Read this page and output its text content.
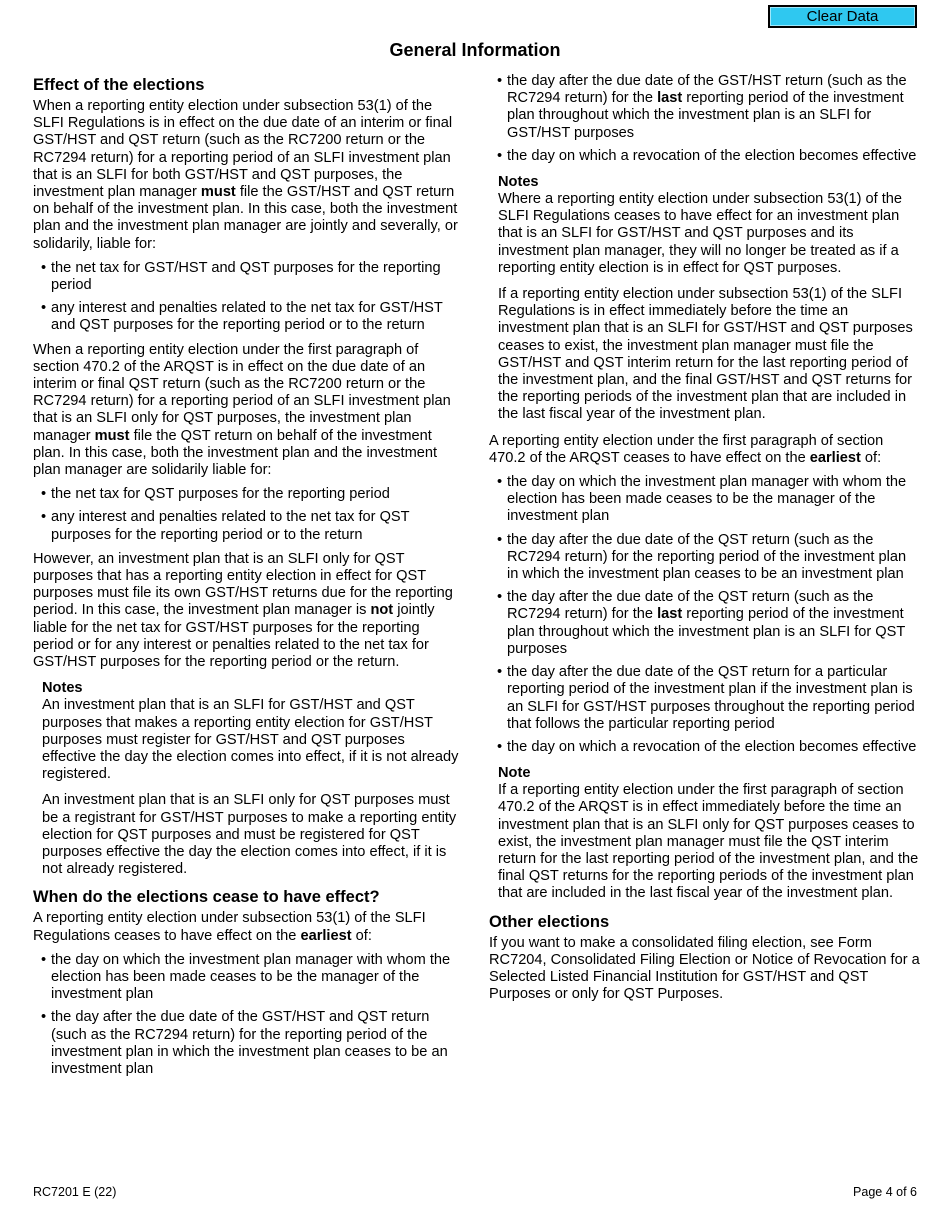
Clear Data
General Information
Effect of the elections

When a reporting entity election under subsection 53(1) of the SLFI Regulations is in effect on the due date of an interim or final GST/HST and QST return (such as the RC7200 return or the RC7294 return) for a reporting period of an SLFI investment plan that is an SLFI for both GST/HST and QST purposes, the investment plan manager must file the GST/HST and QST return on behalf of the investment plan. In this case, both the investment plan and the investment plan manager are jointly and severally, or solidarily, liable for:

• the net tax for GST/HST and QST purposes for the reporting period
• any interest and penalties related to the net tax for GST/HST and QST purposes for the reporting period or to the return

When a reporting entity election under the first paragraph of section 470.2 of the ARQST is in effect on the due date of an interim or final QST return (such as the RC7200 return or the RC7294 return) for a reporting period of an SLFI investment plan that is an SLFI only for QST purposes, the investment plan manager must file the QST return on behalf of the investment plan. In this case, both the investment plan and the investment plan manager are solidarily liable for:

• the net tax for QST purposes for the reporting period
• any interest and penalties related to the net tax for QST purposes for the reporting period or to the return

However, an investment plan that is an SLFI only for QST purposes that has a reporting entity election in effect for QST purposes must file its own GST/HST returns due for the reporting period. In this case, the investment plan manager is not jointly liable for the net tax for GST/HST purposes for the reporting period or for any interest or penalties related to the net tax for GST/HST purposes for the reporting period or the return.

Notes

An investment plan that is an SLFI for GST/HST and QST purposes that makes a reporting entity election for GST/HST purposes must register for GST/HST and QST purposes effective the day the election comes into effect, if it is not already registered.

An investment plan that is an SLFI only for QST purposes must be a registrant for GST/HST purposes to make a reporting entity election for QST purposes and must be registered for QST purposes effective the day the election comes into effect, if it is not already registered.

When do the elections cease to have effect?

A reporting entity election under subsection 53(1) of the SLFI Regulations ceases to have effect on the earliest of:

• the day on which the investment plan manager with whom the election has been made ceases to be the manager of the investment plan
• the day after the due date of the GST/HST and QST return (such as the RC7294 return) for the reporting period of the investment plan in which the investment plan ceases to be an investment plan
• the day after the due date of the GST/HST return (such as the RC7294 return) for the last reporting period of the investment plan throughout which the investment plan is an SLFI for GST/HST purposes
• the day on which a revocation of the election becomes effective
Notes

Where a reporting entity election under subsection 53(1) of the SLFI Regulations ceases to have effect for an investment plan that is an SLFI for GST/HST and QST purposes and its investment plan manager, they will no longer be treated as if a reporting entity election is in effect for QST purposes.

If a reporting entity election under subsection 53(1) of the SLFI Regulations is in effect immediately before the time an investment plan that is an SLFI for GST/HST and QST purposes ceases to exist, the investment plan manager must file the GST/HST and QST interim return for the last reporting period of the investment plan, and the final GST/HST and QST returns for the reporting periods of the investment plan that are included in the last fiscal year of the investment plan.

A reporting entity election under the first paragraph of section 470.2 of the ARQST ceases to have effect on the earliest of:

• the day on which the investment plan manager with whom the election has been made ceases to be the manager of the investment plan
• the day after the due date of the QST return (such as the RC7294 return) for the reporting period of the investment plan in which the investment plan ceases to be an investment plan
• the day after the due date of the QST return (such as the RC7294 return) for the last reporting period of the investment plan throughout which the investment plan is an SLFI for QST purposes
• the day after the due date of the QST return for a particular reporting period of the investment plan if the investment plan is an SLFI for GST/HST purposes throughout the reporting period that follows the particular reporting period
• the day on which a revocation of the election becomes effective
Note

If a reporting entity election under the first paragraph of section 470.2 of the ARQST is in effect immediately before the time an investment plan that is an SLFI only for QST purposes ceases to exist, the investment plan manager must file the QST interim return for the last reporting period of the investment plan, and the final QST returns for the reporting periods of the investment plan that are included in the last fiscal year of the investment plan.

Other elections

If you want to make a consolidated filing election, see Form RC7204, Consolidated Filing Election or Notice of Revocation for a Selected Listed Financial Institution for GST/HST and QST Purposes or only for QST Purposes.

RC7201 E (22)	Page 4 of 6
